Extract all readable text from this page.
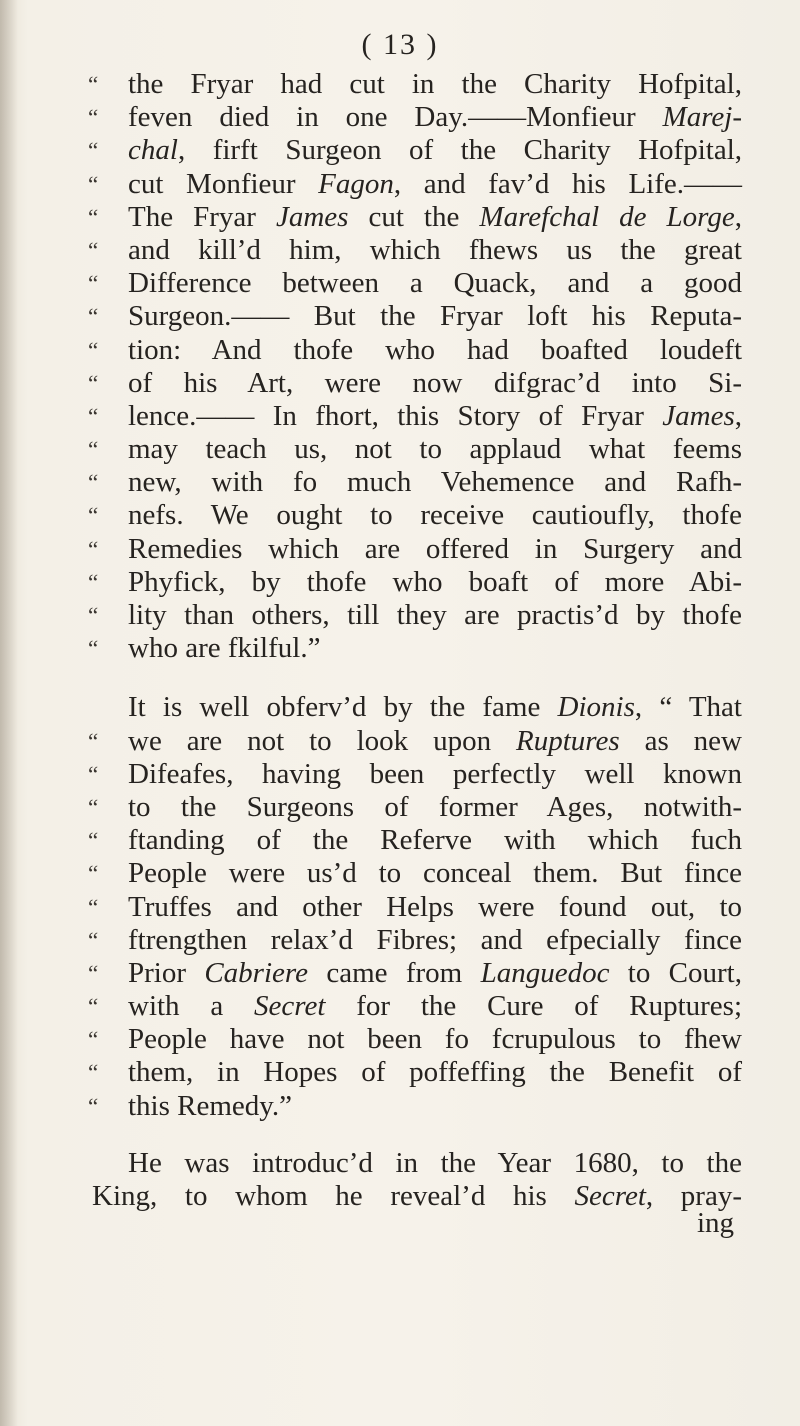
( 13 )
“ the Fryar had cut in the Charity Hofpital,
“ feven died in one Day.——Monfieur Marej-
“ chal, firft Surgeon of the Charity Hofpital,
“ cut Monfieur Fagon, and fav’d his Life.——
“ The Fryar James cut the Marefchal de Lorge,
“ and kill’d him, which fhews us the great
“ Difference between a Quack, and a good
“ Surgeon.—— But the Fryar loft his Reputa-
“ tion: And thofe who had boafted loudeft
“ of his Art, were now difgrac’d into Si-
“ lence.—— In fhort, this Story of Fryar James,
“ may teach us, not to applaud what feems
“ new, with fo much Vehemence and Rafh-
“ nefs. We ought to receive cautioufly, thofe
“ Remedies which are offered in Surgery and
“ Phyfick, by thofe who boaft of more Abi-
“ lity than others, till they are practis’d by thofe
“ who are fkilful.”
It is well obferv’d by the fame Dionis, “ That
“ we are not to look upon Ruptures as new
“ Difeafes, having been perfectly well known
“ to the Surgeons of former Ages, notwith-
“ ftanding of the Referve with which fuch
“ People were us’d to conceal them. But fince
“ Truffes and other Helps were found out, to
“ ftrengthen relax’d Fibres; and efpecially fince
“ Prior Cabriere came from Languedoc to Court,
“ with a Secret for the Cure of Ruptures;
“ People have not been fo fcrupulous to fhew
“ them, in Hopes of poffeffing the Benefit of
“ this Remedy.”
He was introduc’d in the Year 1680, to the
King, to whom he reveal’d his Secret, pray-
ing
